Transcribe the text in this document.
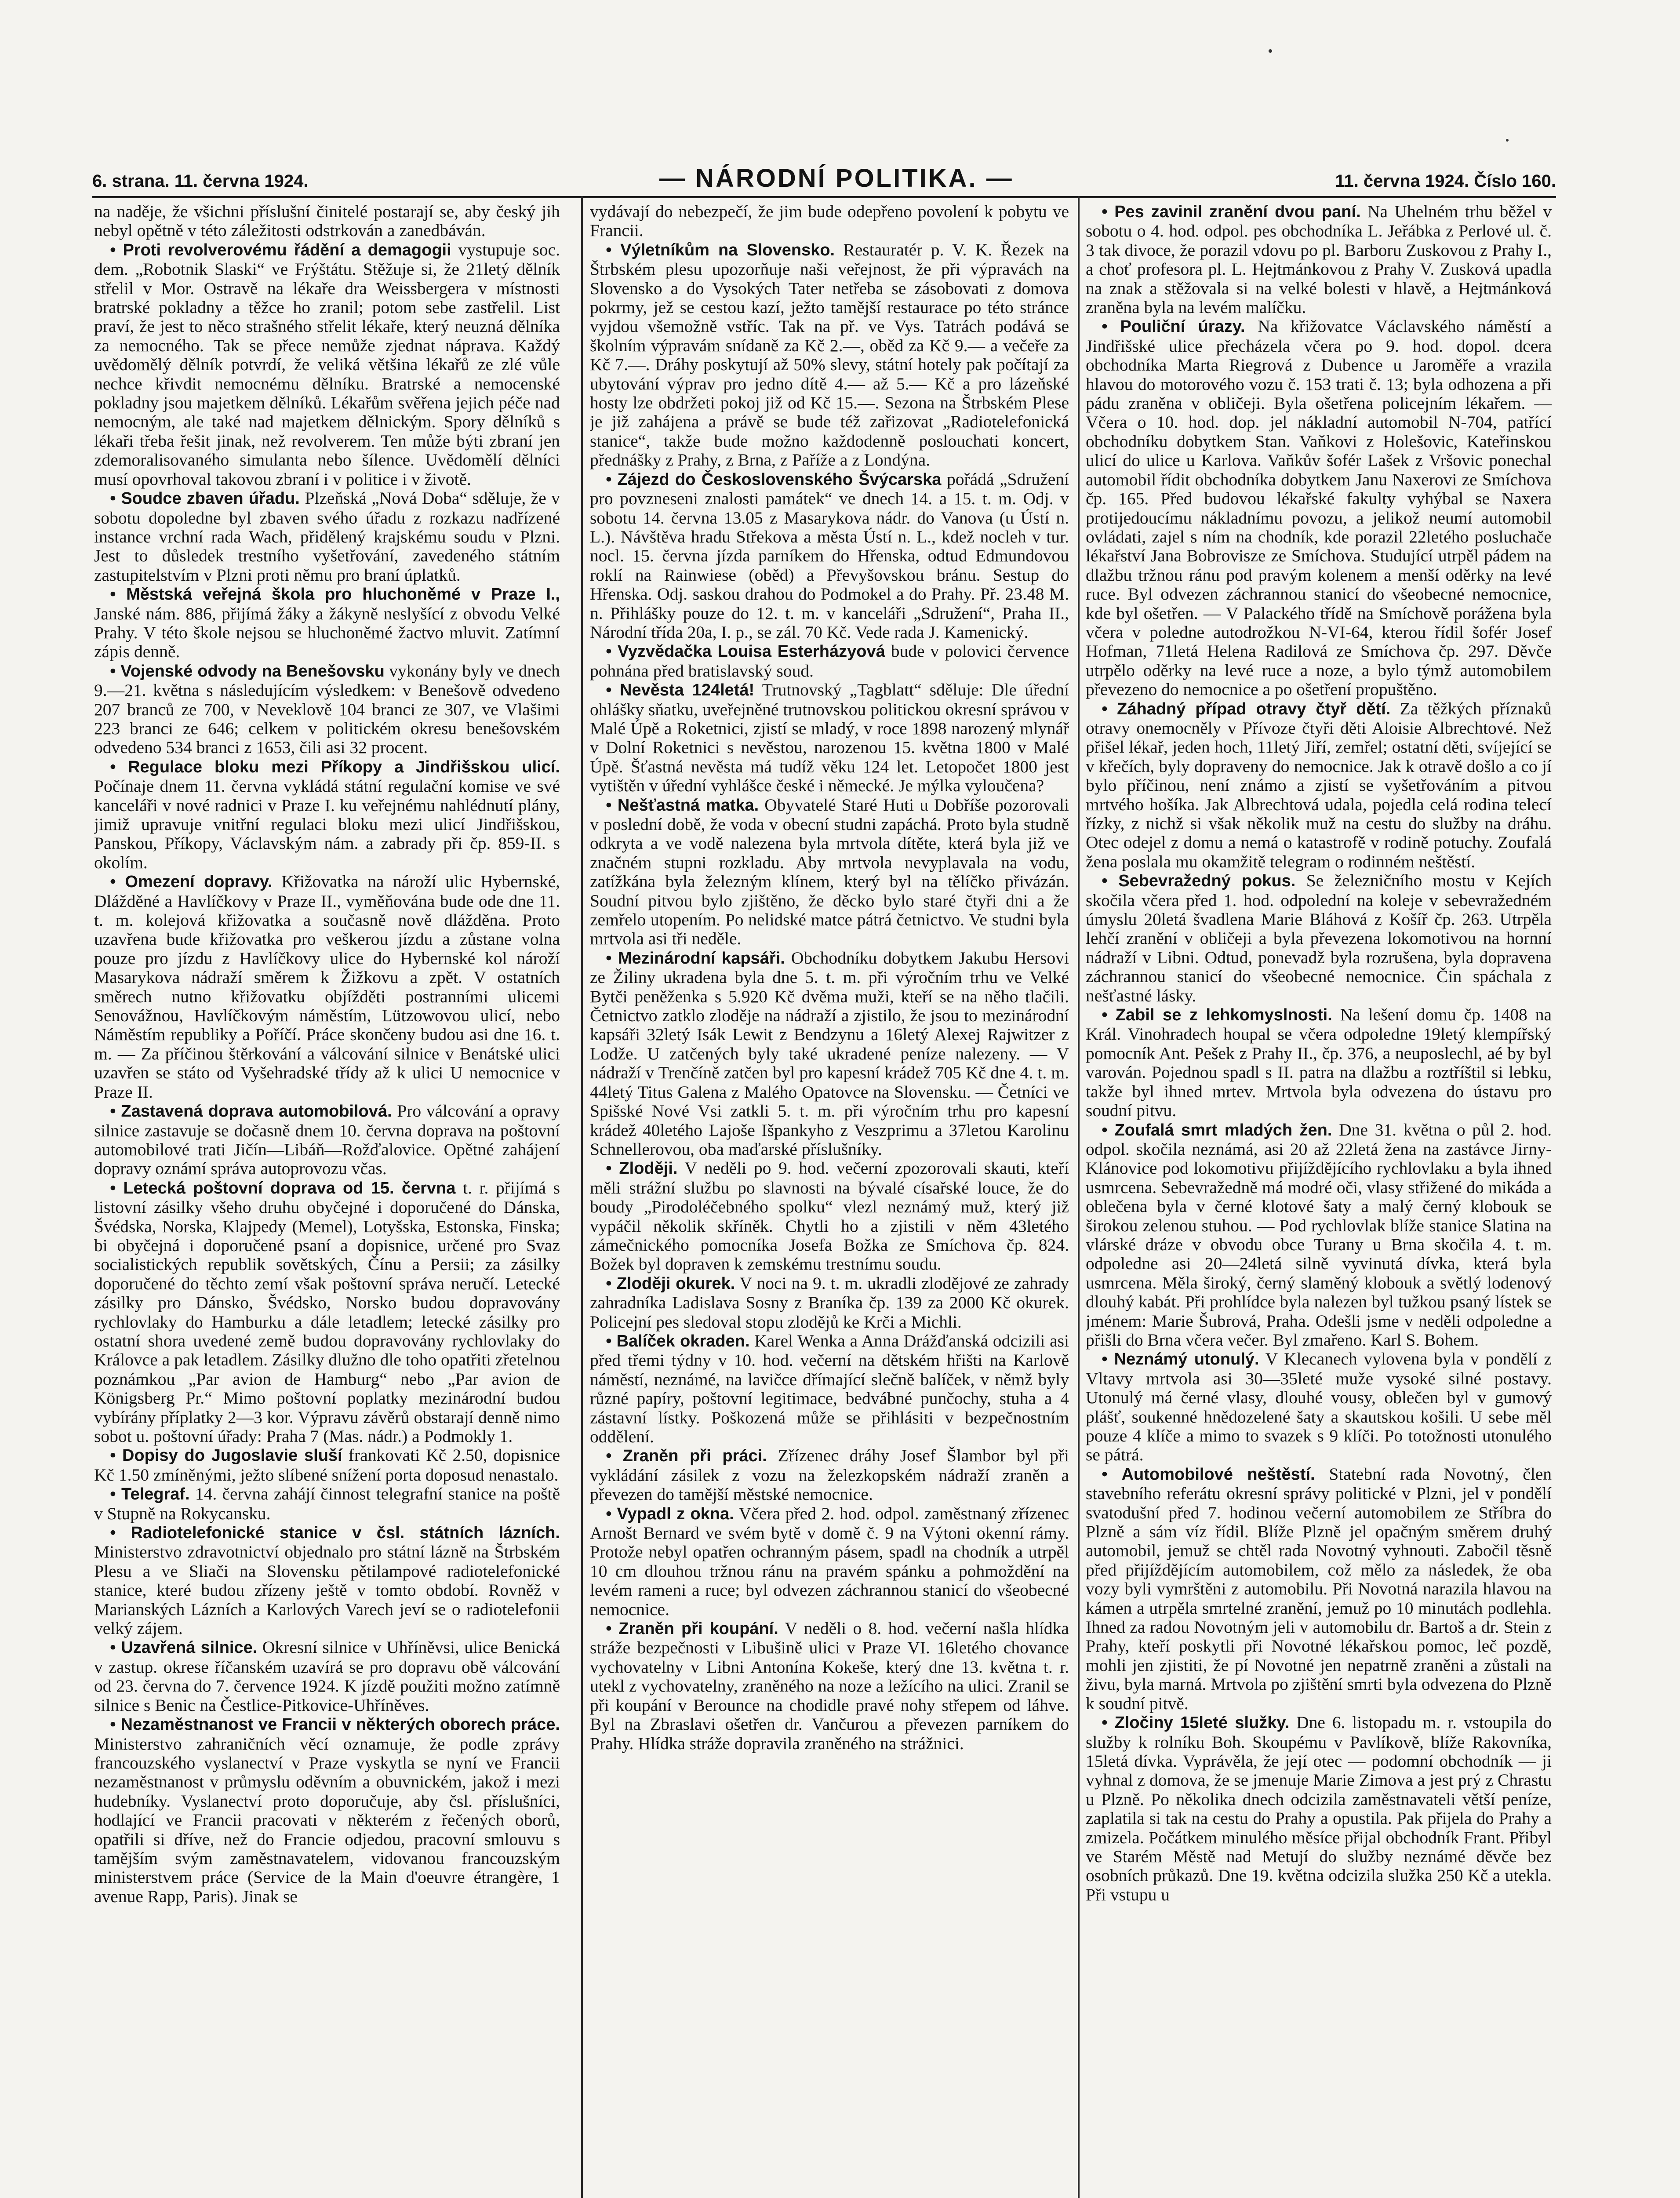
6. strana. 11. června 1924.	— NÁRODNÍ POLITIKA. —	11. června 1924. Číslo 160.

na naděje, že všichni příslušní činitelé postarají se, aby český jih nebyl opětně v této záležitosti odstrkován a zanedbáván.

• Proti revolverovému řádění a demagogii vystupuje soc. dem. „Robotnik Slaski“ ve Frýštátu. Stěžuje si, že 21letý dělník střelil v Mor. Ostravě na lékaře dra Weissbergera v místnosti bratrské pokladny a těžce ho zranil; potom sebe zastřelil. List praví, že jest to něco strašného střelit lékaře, který neuzná dělníka za nemocného. Tak se přece nemůže zjednat náprava. Každý uvědomělý dělník potvrdí, že veliká většina lékařů ze zlé vůle nechce křivdit nemocnému dělníku. Bratrské a nemocenské pokladny jsou majetkem dělníků. Lékařům svěřena jejich péče nad nemocným, ale také nad majetkem dělnickým. Spory dělníků s lékaři třeba řešit jinak, než revolverem. Ten může býti zbraní jen zdemoralisovaného simulanta nebo šílence. Uvědomělí dělníci musí opovrhoval takovou zbraní i v politice i v životě.

• Soudce zbaven úřadu. Plzeňská „Nová Doba“ sděluje, že v sobotu dopoledne byl zbaven svého úřadu z rozkazu nadřízené instance vrchní rada Wach, přidělený krajskému soudu v Plzni. Jest to důsledek trestního vyšetřování, zavedeného státním zastupitelstvím v Plzni proti němu pro braní úplatků.

• Městská veřejná škola pro hluchoněmé v Praze I., Janské nám. 886, přijímá žáky a žákyně neslyšící z obvodu Velké Prahy. V této škole nejsou se hluchoněmé žactvo mluvit. Zatímní zápis denně.

• Vojenské odvody na Benešovsku vykonány byly ve dnech 9.—21. května s následujícím výsledkem: v Benešově odvedeno 207 branců ze 700, v Neveklově 104 branci ze 307, ve Vlašimi 223 branci ze 646; celkem v politickém okresu benešovském odvedeno 534 branci z 1653, čili asi 32 procent.

• Regulace bloku mezi Příkopy a Jindřišskou ulicí. Počínaje dnem 11. června vykládá státní regulační komise ve své kanceláři v nové radnici v Praze I. ku veřejnému nahlédnutí plány, jimiž upravuje vnitřní regulaci bloku mezi ulicí Jindřišskou, Panskou, Příkopy, Václavským nám. a zabrady při čp. 859-II. s okolím.

• Omezení dopravy. Křižovatka na nároží ulic Hybernské, Dlážděné a Havlíčkovy v Praze II., vyměňována bude ode dne 11. t. m. kolejová křižovatka a současně nově dlážděna. Proto uzavřena bude křižovatka pro veškerou jízdu a zůstane volna pouze pro jízdu z Havlíčkovy ulice do Hybernské kol nároží Masarykova nádraží směrem k Žižkovu a zpět. V ostatních směrech nutno křižovatku objížděti postranními ulicemi Senovážnou, Havlíčkovým náměstím, Lützowovou ulicí, nebo Náměstím republiky a Poříčí. Práce skončeny budou asi dne 16. t. m. — Za příčinou štěrkování a válcování silnice v Benátské ulici uzavřen se státo od Vyšehradské třídy až k ulici U nemocnice v Praze II.

• Zastavená doprava automobilová. Pro válcování a opravy silnice zastavuje se dočasně dnem 10. června doprava na poštovní automobilové trati Jičín—Libáň—Rožďalovice. Opětné zahájení dopravy oznámí správa autoprovozu včas.

• Letecká poštovní doprava od 15. června t. r. přijímá s listovní zásilky všeho druhu obyčejné i doporučené do Dánska, Švédska, Norska, Klajpedy (Memel), Lotyšska, Estonska, Finska; bi obyčejná i doporučené psaní a dopisnice, určené pro Svaz socialistických republik sovětských, Čínu a Persii; za zásilky doporučené do těchto zemí však poštovní správa neručí. Letecké zásilky pro Dánsko, Švédsko, Norsko budou dopravovány rychlovlaky do Hamburku a dále letadlem; letecké zásilky pro ostatní shora uvedené země budou dopravovány rychlovlaky do Královce a pak letadlem. Zásilky dlužno dle toho opatřiti zřetelnou poznámkou „Par avion de Hamburg“ nebo „Par avion de Königsberg Pr.“ Mimo poštovní poplatky mezinárodní budou vybírány příplatky 2—3 kor. Výpravu závěrů obstarají denně nimo sobot u. poštovní úřady: Praha 7 (Mas. nádr.) a Podmokly 1.

• Dopisy do Jugoslavie sluší frankovati Kč 2.50, dopisnice Kč 1.50 zmíněnými, ježto slíbené snížení porta doposud nenastalo.

• Telegraf. 14. června zahájí činnost telegrafní stanice na poště v Stupně na Rokycansku.

• Radiotelefonické stanice v čsl. státních lázních. Ministerstvo zdravotnictví objednalo pro státní lázně na Štrbském Plesu a ve Sliači na Slovensku pětilampové radiotelefonické stanice, které budou zřízeny ještě v tomto období. Rovněž v Marianských Lázních a Karlových Varech jeví se o radiotelefonii velký zájem.

• Uzavřená silnice. Okresní silnice v Uhříněvsi, ulice Benická v zastup. okrese říčanském uzavírá se pro dopravu obě válcování od 23. června do 7. července 1924. K jízdě použiti možno zatímně silnice s Benic na Čestlice-Pitkovice-Uhříněves.

• Nezaměstnanost ve Francii v některých oborech práce. Ministerstvo zahraničních věcí oznamuje, že podle zprávy francouzského vyslanectví v Praze vyskytla se nyní ve Francii nezaměstnanost v průmyslu oděvním a obuvnickém, jakož i mezi hudebníky. Vyslanectví proto doporučuje, aby čsl. příslušníci, hodlající ve Francii pracovati v některém z řečených oborů, opatřili si dříve, než do Francie odjedou, pracovní smlouvu s tamějším svým zaměstnavatelem, vidovanou francouzským ministerstvem práce (Service de la Main d'oeuvre étrangère, 1 avenue Rapp, Paris). Jinak se

vydávají do nebezpečí, že jim bude odepřeno povolení k pobytu ve Francii.

• Výletníkům na Slovensko. Restauratér p. V. K. Řezek na Štrbském plesu upozorňuje naši veřejnost, že při výpravách na Slovensko a do Vysokých Tater netřeba se zásobovati z domova pokrmy, jež se cestou kazí, ježto tamější restaurace po této stránce vyjdou všemožně vstříc. Tak na př. ve Vys. Tatrách podává se školním výpravám snídaně za Kč 2.—, oběd za Kč 9.— a večeře za Kč 7.—. Dráhy poskytují až 50% slevy, státní hotely pak počítají za ubytování výprav pro jedno dítě 4.— až 5.— Kč a pro lázeňské hosty lze obdržeti pokoj již od Kč 15.—. Sezona na Štrbském Plese je již zahájena a právě se bude též zařizovat „Radiotelefonická stanice“, takže bude možno každodenně poslouchati koncert, přednášky z Prahy, z Brna, z Paříže a z Londýna.

• Zájezd do Československého Švýcarska pořádá „Sdružení pro povzneseni znalosti památek“ ve dnech 14. a 15. t. m. Odj. v sobotu 14. června 13.05 z Masarykova nádr. do Vanova (u Ústí n. L.). Návštěva hradu Střekova a města Ústí n. L., kdež nocleh v tur. nocl. 15. června jízda parníkem do Hřenska, odtud Edmundovou roklí na Rainwiese (oběd) a Převyšovskou bránu. Sestup do Hřenska. Odj. saskou drahou do Podmokel a do Prahy. Př. 23.48 M. n. Přihlášky pouze do 12. t. m. v kanceláři „Sdružení“, Praha II., Národní třída 20a, I. p., se zál. 70 Kč. Vede rada J. Kamenický.

• Vyzvědačka Louisa Esterházyová bude v polovici července pohnána před bratislavský soud.

• Nevěsta 124letá! Trutnovský „Tagblatt“ sděluje: Dle úřední ohlášky sňatku, uveřejněné trutnovskou politickou okresní správou v Malé Úpě a Roketnici, zjistí se mladý, v roce 1898 narozený mlynář v Dolní Roketnici s nevěstou, narozenou 15. května 1800 v Malé Úpě. Šťastná nevěsta má tudíž věku 124 let. Letopočet 1800 jest vytištěn v úřední vyhlášce české i německé. Je mýlka vyloučena?

• Nešťastná matka. Obyvatelé Staré Huti u Dobříše pozorovali v poslední době, že voda v obecní studni zapáchá. Proto byla studně odkryta a ve vodě nalezena byla mrtvola dítěte, která byla již ve značném stupni rozkladu. Aby mrtvola nevyplavala na vodu, zatížkána byla železným klínem, který byl na tělíčko přivázán. Soudní pitvou bylo zjištěno, že děcko bylo staré čtyři dni a že zemřelo utopením. Po nelidské matce pátrá četnictvo. Ve studni byla mrtvola asi tři neděle.

• Mezinárodní kapsáři. Obchodníku dobytkem Jakubu Hersovi ze Žiliny ukradena byla dne 5. t. m. při výročním trhu ve Velké Bytči peněženka s 5.920 Kč dvěma muži, kteří se na něho tlačili. Četnictvo zatklo zloděje na nádraží a zjistilo, že jsou to mezinárodní kapsáři 32letý Isák Lewit z Bendzynu a 16letý Alexej Rajwitzer z Lodže. U zatčených byly také ukradené peníze nalezeny. — V nádraží v Trenčíně zatčen byl pro kapesní krádež 705 Kč dne 4. t. m. 44letý Titus Galena z Malého Opatovce na Slovensku. — Četníci ve Spišské Nové Vsi zatkli 5. t. m. při výročním trhu pro kapesní krádež 40letého Lajoše Išpankyho z Veszprimu a 37letou Karolinu Schnellerovou, oba maďarské příslušníky.

• Zloději. V neděli po 9. hod. večerní zpozorovali skauti, kteří měli strážní službu po slavnosti na bývalé císařské louce, že do boudy „Pirodoléčebného spolku“ vlezl neznámý muž, který již vypáčil několik skříněk. Chytli ho a zjistili v něm 43letého zámečnického pomocníka Josefa Božka ze Smíchova čp. 824. Božek byl dopraven k zemskému trestnímu soudu.

• Zloději okurek. V noci na 9. t. m. ukradli zlodějové ze zahrady zahradníka Ladislava Sosny z Braníka čp. 139 za 2000 Kč okurek. Policejní pes sledoval stopu zlodějů ke Krči a Michli.

• Balíček okraden. Karel Wenka a Anna Drážďanská odcizili asi před třemi týdny v 10. hod. večerní na dětském hřišti na Karlově náměstí, neznámé, na lavičce dřímající slečně balíček, v němž byly různé papíry, poštovní legitimace, bedvábné punčochy, stuha a 4 zástavní lístky. Poškozená může se přihlásiti v bezpečnostním oddělení.

• Zraněn při práci. Zřízenec dráhy Josef Šlambor byl při vykládání zásilek z vozu na železkopském nádraží zraněn a převezen do tamější městské nemocnice.

• Vypadl z okna. Včera před 2. hod. odpol. zaměstnaný zřízenec Arnošt Bernard ve svém bytě v domě č. 9 na Výtoni okenní rámy. Protože nebyl opatřen ochranným pásem, spadl na chodník a utrpěl 10 cm dlouhou tržnou ránu na pravém spánku a pohmoždění na levém rameni a ruce; byl odvezen záchrannou stanicí do všeobecné nemocnice.

• Zraněn při koupání. V neděli o 8. hod. večerní našla hlídka stráže bezpečnosti v Libušině ulici v Praze VI. 16letého chovance vychovatelny v Libni Antonína Kokeše, který dne 13. května t. r. utekl z vychovatelny, zraněného na noze a ležícího na ulici. Zranil se při koupání v Berounce na chodidle pravé nohy střepem od láhve. Byl na Zbraslavi ošetřen dr. Vančurou a převezen parníkem do Prahy. Hlídka stráže dopravila zraněného na strážnici.

• Pes zavinil zranění dvou paní. Na Uhelném trhu běžel v sobotu o 4. hod. odpol. pes obchodníka L. Jeřábka z Perlové ul. č. 3 tak divoce, že porazil vdovu po pl. Barboru Zuskovou z Prahy I., a choť profesora pl. L. Hejtmánkovou z Prahy V. Zusková upadla na znak a stěžovala si na velké bolesti v hlavě, a Hejtmánková zraněna byla na levém malíčku.

• Pouliční úrazy. Na křižovatce Václavského náměstí a Jindřišské ulice přecházela včera po 9. hod. dopol. dcera obchodníka Marta Riegrová z Dubence u Jaroměře a vrazila hlavou do motorového vozu č. 153 trati č. 13; byla odhozena a při pádu zraněna v obličeji. Byla ošetřena policejním lékařem. — Včera o 10. hod. dop. jel nákladní automobil N-704, patřící obchodníku dobytkem Stan. Vaňkovi z Holešovic, Kateřinskou ulicí do ulice u Karlova. Vaňkův šofér Lašek z Vršovic ponechal automobil řídit obchodníka dobytkem Janu Naxerovi ze Smíchova čp. 165. Před budovou lékařské fakulty vyhýbal se Naxera protijedoucímu nákladnímu povozu, a jelikož neumí automobil ovládati, zajel s ním na chodník, kde porazil 22letého posluchače lékařství Jana Bobrovisze ze Smíchova. Studující utrpěl pádem na dlažbu tržnou ránu pod pravým kolenem a menší oděrky na levé ruce. Byl odvezen záchrannou stanicí do všeobecné nemocnice, kde byl ošetřen. — V Palackého třídě na Smíchově porážena byla včera v poledne autodrožkou N-VI-64, kterou řídil šofér Josef Hofman, 71letá Helena Radilová ze Smíchova čp. 297. Děvče utrpělo oděrky na levé ruce a noze, a bylo týmž automobilem převezeno do nemocnice a po ošetření propuštěno.

• Záhadný případ otravy čtyř dětí. Za těžkých příznaků otravy onemocněly v Přívoze čtyři děti Aloisie Albrechtové. Než přišel lékař, jeden hoch, 11letý Jiří, zemřel; ostatní děti, svíjející se v křečích, byly dopraveny do nemocnice. Jak k otravě došlo a co jí bylo příčinou, není známo a zjistí se vyšetřováním a pitvou mrtvého hošíka. Jak Albrechtová udala, pojedla celá rodina telecí řízky, z nichž si však několik muž na cestu do služby na dráhu. Otec odejel z domu a nemá o katastrofě v rodině potuchy. Zoufalá žena poslala mu okamžitě telegram o rodinném neštěstí.

• Sebevražedný pokus. Se železničního mostu v Kejích skočila včera před 1. hod. odpolední na koleje v sebevražedném úmyslu 20letá švadlena Marie Bláhová z Košíř čp. 263. Utrpěla lehčí zranění v obličeji a byla převezena lokomotivou na hornní nádraží v Libni. Odtud, ponevadž byla rozrušena, byla dopravena záchrannou stanicí do všeobecné nemocnice. Čin spáchala z nešťastné lásky.

• Zabil se z lehkomyslnosti. Na lešení domu čp. 1408 na Král. Vinohradech houpal se včera odpoledne 19letý klempířský pomocník Ant. Pešek z Prahy II., čp. 376, a neuposlechl, aé by byl varován. Pojednou spadl s II. patra na dlažbu a roztříštil si lebku, takže byl ihned mrtev. Mrtvola byla odvezena do ústavu pro soudní pitvu.

• Zoufalá smrt mladých žen. Dne 31. května o půl 2. hod. odpol. skočila neznámá, asi 20 až 22letá žena na zastávce Jirny-Klánovice pod lokomotivu přijíždějícího rychlovlaku a byla ihned usmrcena. Sebevražedně má modré oči, vlasy střižené do mikáda a oblečena byla v černé klotové šaty a malý černý klobouk se širokou zelenou stuhou. — Pod rychlovlak blíže stanice Slatina na vlárské dráze v obvodu obce Turany u Brna skočila 4. t. m. odpoledne asi 20—24letá silně vyvinutá dívka, která byla usmrcena. Měla široký, černý slaměný klobouk a světlý lodenový dlouhý kabát. Při prohlídce byla nalezen byl tužkou psaný lístek se jménem: Marie Šubrová, Praha. Odešli jsme v neděli odpoledne a přišli do Brna včera večer. Byl zmařeno. Karl S. Bohem.

• Neznámý utonulý. V Klecanech vylovena byla v pondělí z Vltavy mrtvola asi 30—35leté muže vysoké silné postavy. Utonulý má černé vlasy, dlouhé vousy, oblečen byl v gumový plášť, soukenné hnědozelené šaty a skautskou košili. U sebe měl pouze 4 klíče a mimo to svazek s 9 klíči. Po totožnosti utonulého se pátrá.

• Automobilové neštěstí. Statební rada Novotný, člen stavebního referátu okresní správy politické v Plzni, jel v pondělí svatodušní před 7. hodinou večerní automobilem ze Stříbra do Plzně a sám víz řídil. Blíže Plzně jel opačným směrem druhý automobil, jemuž se chtěl rada Novotný vyhnouti. Zabočil těsně před přijíždějícím automobilem, což mělo za následek, že oba vozy byli vymrštěni z automobilu. Při Novotná narazila hlavou na kámen a utrpěla smrtelné zranění, jemuž po 10 minutách podlehla. Ihned za radou Novotným jeli v automobilu dr. Bartoš a dr. Stein z Prahy, kteří poskytli při Novotné lékařskou pomoc, leč pozdě, mohli jen zjistiti, že pí Novotné jen nepatrně zraněni a zůstali na živu, byla marná. Mrtvola po zjištění smrti byla odvezena do Plzně k soudní pitvě.

• Zločiny 15leté služky. Dne 6. listopadu m. r. vstoupila do služby k rolníku Boh. Skoupému v Pavlíkově, blíže Rakovníka, 15letá dívka. Vyprávěla, že její otec — podomní obchodník — ji vyhnal z domova, že se jmenuje Marie Zimova a jest prý z Chrastu u Plzně. Po několika dnech odcizila zaměstnavateli větší peníze, zaplatila si tak na cestu do Prahy a opustila. Pak přijela do Prahy a zmizela. Počátkem minulého měsíce přijal obchodník Frant. Přibyl ve Starém Městě nad Metují do služby neznámé děvče bez osobních průkazů. Dne 19. května odcizila služka 250 Kč a utekla. Při vstupu u
